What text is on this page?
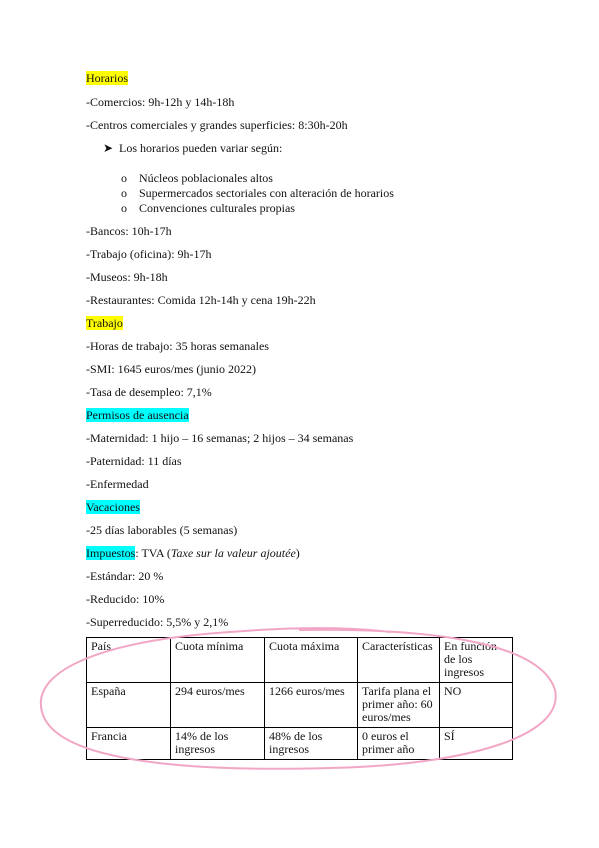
Horarios
-Comercios: 9h-12h y 14h-18h
-Centros comerciales y grandes superficies: 8:30h-20h
➤ Los horarios pueden variar según:
o Núcleos poblacionales altos
o Supermercados sectoriales con alteración de horarios
o Convenciones culturales propias
-Bancos: 10h-17h
-Trabajo (oficina): 9h-17h
-Museos: 9h-18h
-Restaurantes: Comida 12h-14h y cena 19h-22h
Trabajo
-Horas de trabajo: 35 horas semanales
-SMI: 1645 euros/mes (junio 2022)
-Tasa de desempleo: 7,1%
Permisos de ausencia
-Maternidad: 1 hijo – 16 semanas; 2 hijos – 34 semanas
-Paternidad: 11 días
-Enfermedad
Vacaciones
-25 días laborables (5 semanas)
Impuestos: TVA (Taxe sur la valeur ajoutée)
-Estándar: 20 %
-Reducido: 10%
-Superreducido: 5,5% y 2,1%
País	Cuota mínima	Cuota máxima	Características	En función de los ingresos
España	294 euros/mes	1266 euros/mes	Tarifa plana el primer año: 60 euros/mes	NO
Francia	14% de los ingresos	48% de los ingresos	0 euros el primer año	SÍ
